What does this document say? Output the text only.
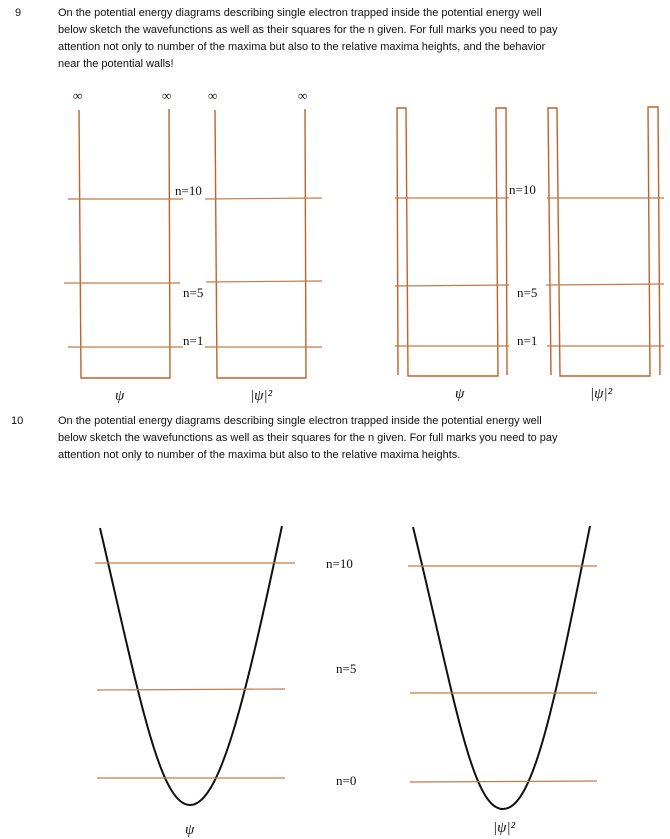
9	On the potential energy diagrams describing single electron trapped inside the potential energy well
below sketch the wavefunctions as well as their squares for the n given. For full marks you need to pay
attention not only to number of the maxima but also to the relative maxima heights, and the behavior
near the potential walls!
10	On the potential energy diagrams describing single electron trapped inside the potential energy well
below sketch the wavefunctions as well as their squares for the n given. For full marks you need to pay
attention not only to number of the maxima but also to the relative maxima heights.
∞	∞	∞	∞
n=10
n=5
n=1
ψ	|ψ|²
n=10
n=5
n=1
ψ	|ψ|²
n=10
n=5
n=0
ψ	|ψ|²
